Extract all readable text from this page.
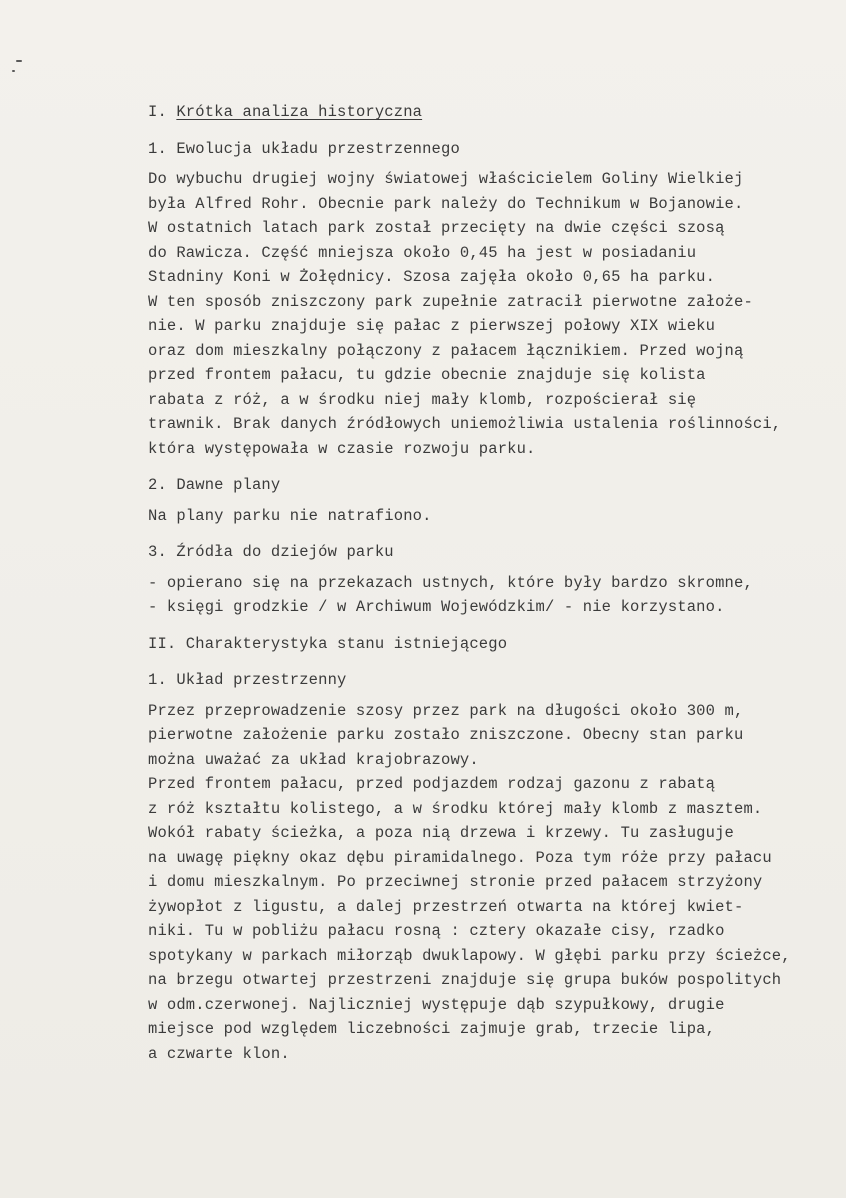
I. Krótka analiza historyczna
1. Ewolucja układu przestrzennego
Do wybuchu drugiej wojny światowej właścicielem Goliny Wielkiej
była Alfred Rohr. Obecnie park należy do Technikum w Bojanowie.
W ostatnich latach park został przecięty na dwie części szosą
do Rawicza. Część mniejsza około 0,45 ha jest w posiadaniu
Stadniny Koni w Żołędnicy. Szosa zajęła około 0,65 ha parku.
W ten sposób zniszczony park zupełnie zatracił pierwotne założe-
nie. W parku znajduje się pałac z pierwszej połowy XIX wieku
oraz dom mieszkalny połączony z pałacem łącznikiem. Przed wojną
przed frontem pałacu, tu gdzie obecnie znajduje się kolista
rabata z róż, a w środku niej mały klomb, rozpościerał się
trawnik. Brak danych źródłowych uniemożliwia ustalenia roślinności,
która występowała w czasie rozwoju parku.
2. Dawne plany
Na plany parku nie natrafiono.
3. Źródła do dziejów parku
- opierano się na przekazach ustnych, które były bardzo skromne,
- księgi grodzkie / w Archiwum Wojewódzkim/ - nie korzystano.
II. Charakterystyka stanu istniejącego
1. Układ przestrzenny
Przez przeprowadzenie szosy przez park na długości około 300 m,
pierwotne założenie parku zostało zniszczone. Obecny stan parku
można uważać za układ krajobrazowy.
Przed frontem pałacu, przed podjazdem rodzaj gazonu z rabatą
z róż kształtu kolistego, a w środku której mały klomb z masztem.
Wokół rabaty ścieżka, a poza nią drzewa i krzewy. Tu zasługuje
na uwagę piękny okaz dębu piramidalnego. Poza tym róże przy pałacu
i domu mieszkalnym. Po przeciwnej stronie przed pałacem strzyżony
żywopłot z ligustu, a dalej przestrzeń otwarta na której kwiet-
niki. Tu w pobliżu pałacu rosną : cztery okazałe cisy, rzadko
spotykany w parkach miłorząb dwuklapowy. W głębi parku przy ścieżce,
na brzegu otwartej przestrzeni znajduje się grupa buków pospolitych
w odm.czerwonej. Najliczniej występuje dąb szypułkowy, drugie
miejsce pod względem liczebności zajmuje grab, trzecie lipa,
a czwarte klon.
